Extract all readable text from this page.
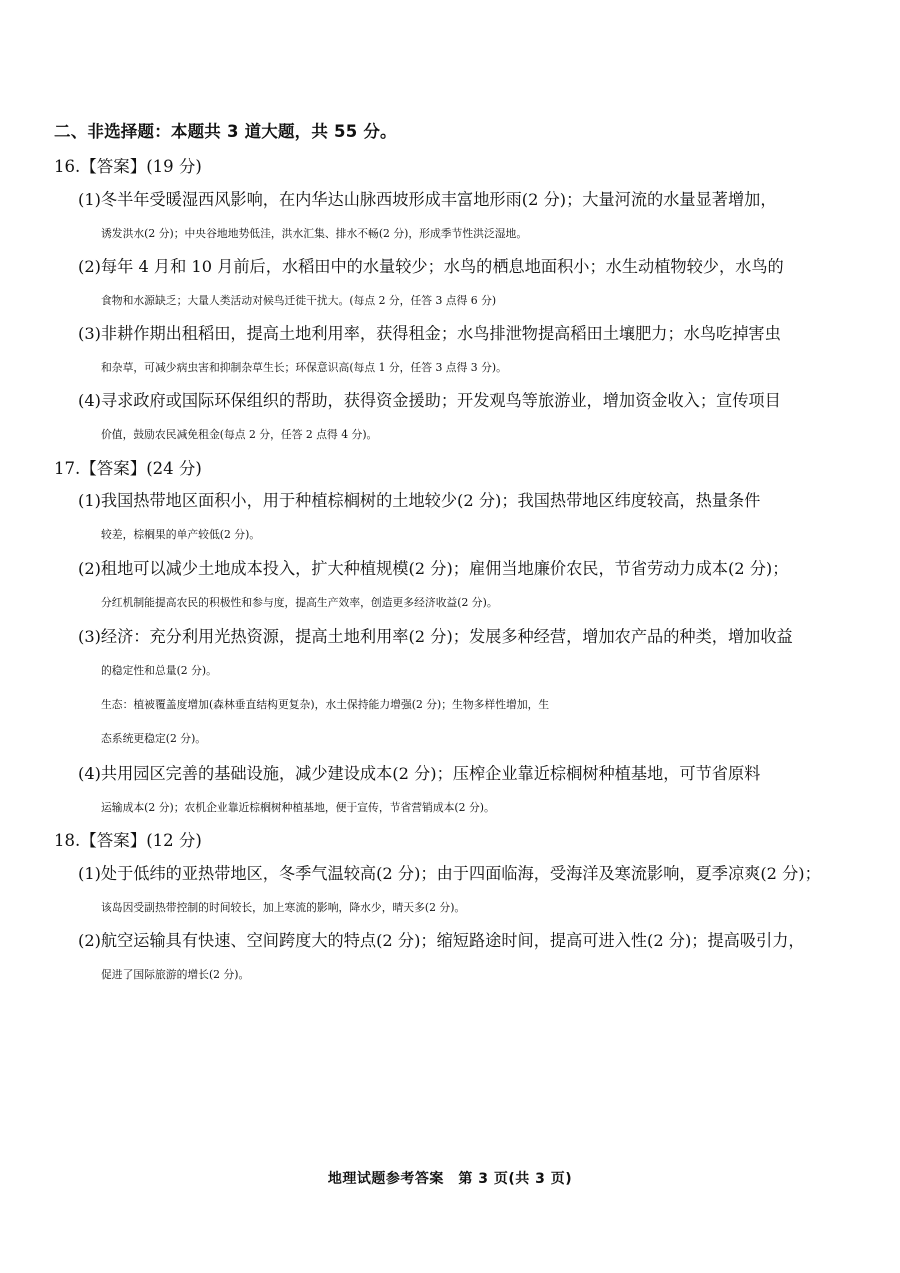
二、非选择题：本题共 3 道大题，共 55 分。
16.【答案】(19 分)
(1)冬半年受暖湿西风影响，在内华达山脉西坡形成丰富地形雨(2 分)；大量河流的水量显著增加，
诱发洪水(2 分)；中央谷地地势低洼，洪水汇集、排水不畅(2 分)，形成季节性洪泛湿地。
(2)每年 4 月和 10 月前后，水稻田中的水量较少；水鸟的栖息地面积小；水生动植物较少，水鸟的
食物和水源缺乏；大量人类活动对候鸟迁徙干扰大。(每点 2 分，任答 3 点得 6 分)
(3)非耕作期出租稻田，提高土地利用率，获得租金；水鸟排泄物提高稻田土壤肥力；水鸟吃掉害虫
和杂草，可减少病虫害和抑制杂草生长；环保意识高(每点 1 分，任答 3 点得 3 分)。
(4)寻求政府或国际环保组织的帮助，获得资金援助；开发观鸟等旅游业，增加资金收入；宣传项目
价值，鼓励农民减免租金(每点 2 分，任答 2 点得 4 分)。
17.【答案】(24 分)
(1)我国热带地区面积小，用于种植棕榈树的土地较少(2 分)；我国热带地区纬度较高，热量条件
较差，棕榈果的单产较低(2 分)。
(2)租地可以减少土地成本投入，扩大种植规模(2 分)；雇佣当地廉价农民，节省劳动力成本(2 分)；
分红机制能提高农民的积极性和参与度，提高生产效率，创造更多经济收益(2 分)。
(3)经济：充分利用光热资源，提高土地利用率(2 分)；发展多种经营，增加农产品的种类，增加收益
的稳定性和总量(2 分)。
生态：植被覆盖度增加(森林垂直结构更复杂)，水土保持能力增强(2 分)；生物多样性增加，生
态系统更稳定(2 分)。
(4)共用园区完善的基础设施，减少建设成本(2 分)；压榨企业靠近棕榈树种植基地，可节省原料
运输成本(2 分)；农机企业靠近棕榈树种植基地，便于宣传，节省营销成本(2 分)。
18.【答案】(12 分)
(1)处于低纬的亚热带地区，冬季气温较高(2 分)；由于四面临海，受海洋及寒流影响，夏季凉爽(2 分)；
该岛因受副热带控制的时间较长，加上寒流的影响，降水少，晴天多(2 分)。
(2)航空运输具有快速、空间跨度大的特点(2 分)；缩短路途时间，提高可进入性(2 分)；提高吸引力，
促进了国际旅游的增长(2 分)。
地理试题参考答案　第 3 页(共 3 页)
